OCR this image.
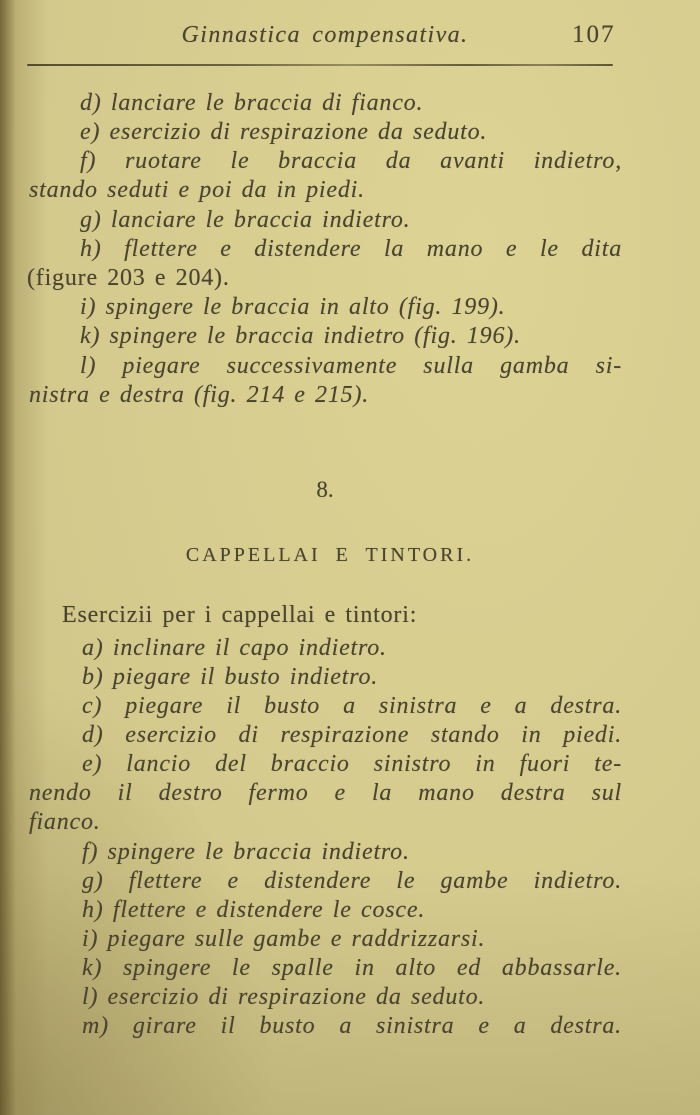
Ginnastica compensativa.	107
d) lanciare le braccia di fianco.
e) esercizio di respirazione da seduto.
f) ruotare le braccia da avanti indietro,
stando seduti e poi da in piedi.
g) lanciare le braccia indietro.
h) flettere e distendere la mano e le dita
(figure 203 e 204).
i) spingere le braccia in alto (fig. 199).
k) spingere le braccia indietro (fig. 196).
l) piegare successivamente sulla gamba si-
nistra e destra (fig. 214 e 215).
8.
CAPPELLAI E TINTORI.
Esercizii per i cappellai e tintori:
a) inclinare il capo indietro.
b) piegare il busto indietro.
c) piegare il busto a sinistra e a destra.
d) esercizio di respirazione stando in piedi.
e) lancio del braccio sinistro in fuori te-
nendo il destro fermo e la mano destra sul
fianco.
f) spingere le braccia indietro.
g) flettere e distendere le gambe indietro.
h) flettere e distendere le cosce.
i) piegare sulle gambe e raddrizzarsi.
k) spingere le spalle in alto ed abbassarle.
l) esercizio di respirazione da seduto.
m) girare il busto a sinistra e a destra.
